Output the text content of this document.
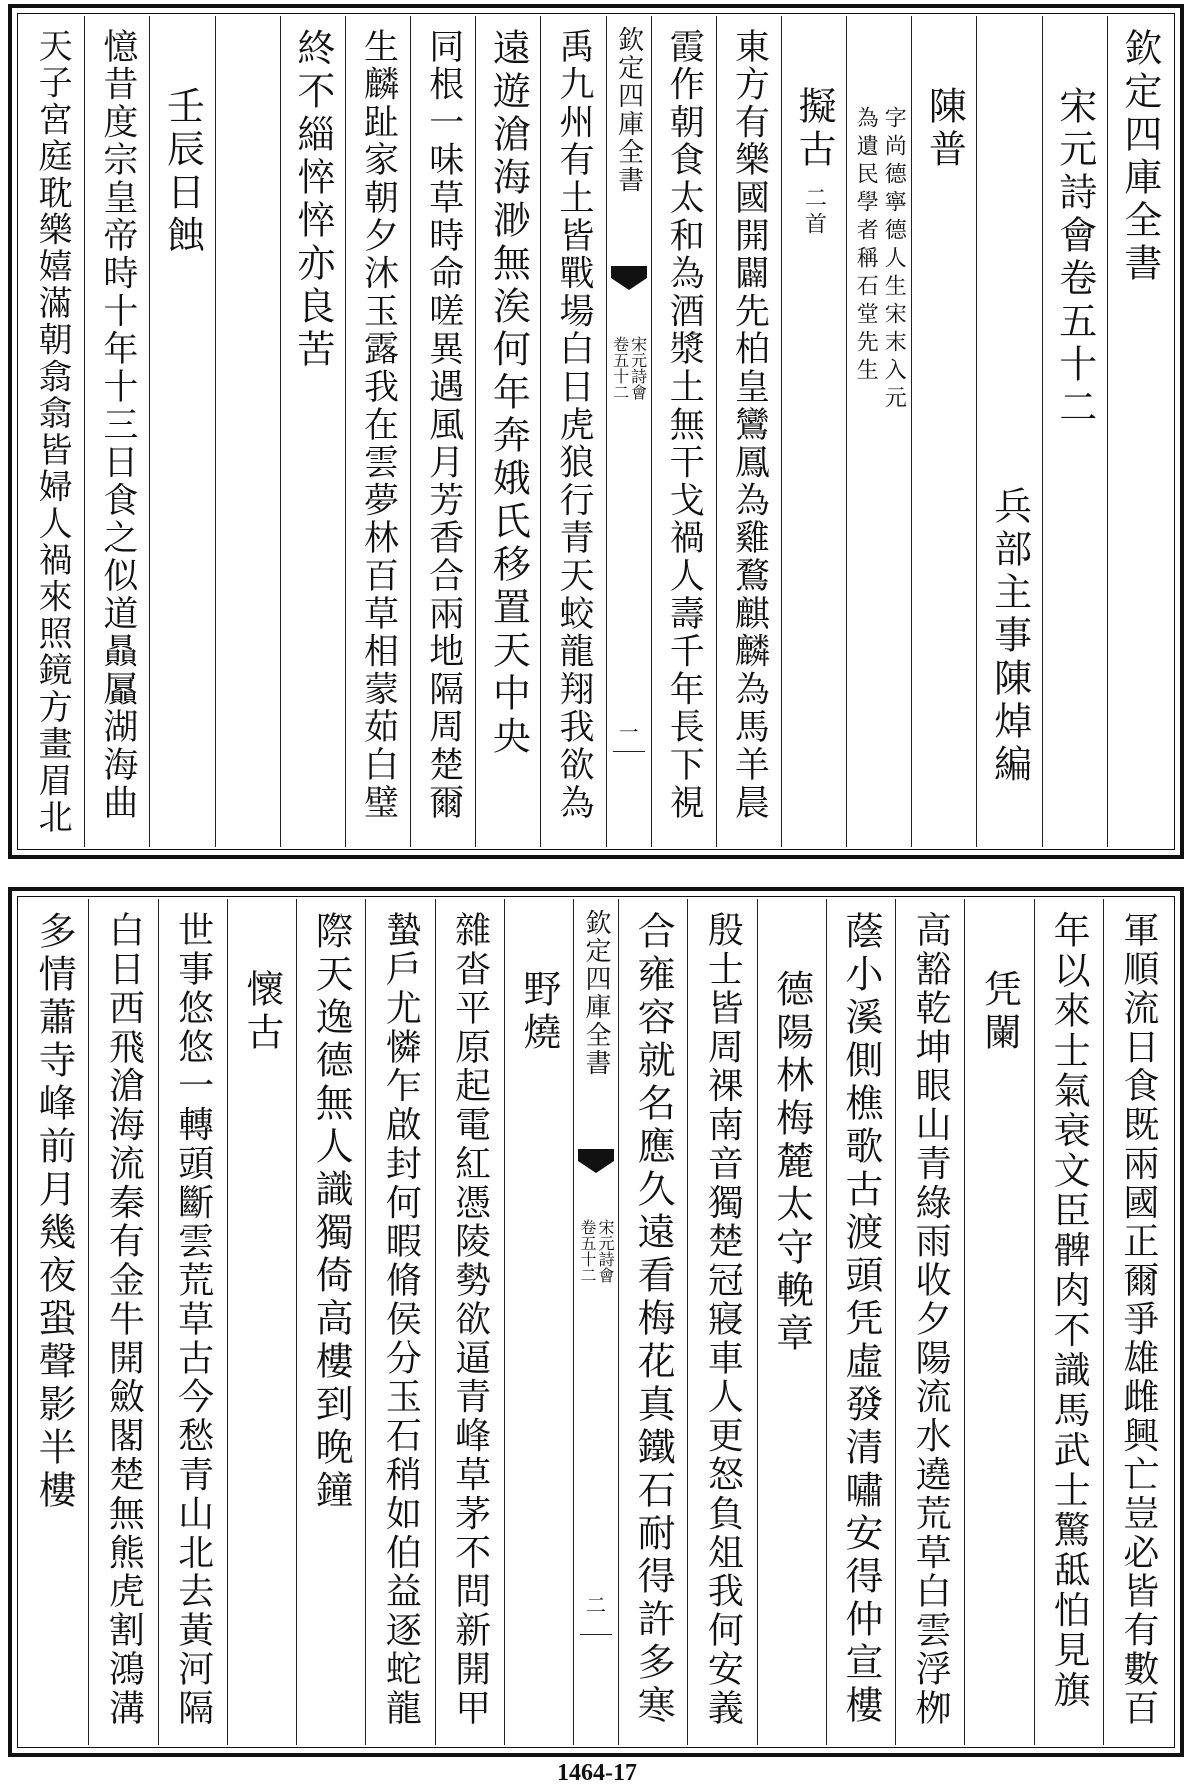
欽定四庫全書
宋元詩會卷五十二
兵部主事陳焯編
陳普
字尚德寧德人生宋末入元
為遺民學者稱石堂先生
擬古
二首
東方有樂國開闢先柏皇鸞鳳為雞鶩麒麟為馬羊晨
霞作朝食太和為酒漿土無干戈禍人壽千年長下視
欽定四庫全書
宋元詩會
卷五十二
一
禹九州有土皆戰場白日虎狼行青天蛟龍翔我欲為
遠遊滄海渺無涘何年奔娥氏移置天中央
同根一味草時命嗟異遇風月芳香合兩地隔周楚爾
生麟趾家朝夕沐玉露我在雲夢林百草相蒙茹白璧
終不緇悴悴亦良苦
壬辰日蝕
憶昔度宗皇帝時十年十三日食之似道贔屭湖海曲
天子宮庭耽樂嬉滿朝翕翕皆婦人禍來照鏡方畫眉北
軍順流日食既兩國正爾爭雄雌興亡豈必皆有數百
年以來士氣衰文臣髀肉不識馬武士驚䑛怕見旗
凭闌
高豁乾坤眼山青綠雨收夕陽流水遶荒草白雲浮栁
蔭小溪側樵歌古渡頭凭虛發清嘯安得仲宣樓
德陽林梅麓太守輓章
殷士皆周祼南音獨楚冠寢車人更怒負俎我何安義
合雍容就名應久遠看梅花真鐵石耐得許多寒
欽定四庫全書
宋元詩會
卷五十二
二
野燒
雜沓平原起電紅憑陵勢欲逼青峰草茅不問新開甲
蟄戶尤憐乍啟封何暇脩侯分玉石稍如伯益逐蛇龍
際天逸德無人識獨倚高樓到晚鐘
懷古
世事悠悠一轉頭斷雲荒草古今愁青山北去黃河隔
白日西飛滄海流秦有金牛開斂閣楚無熊虎割鴻溝
多情蕭寺峰前月幾夜蛩聲影半樓
1464-17
